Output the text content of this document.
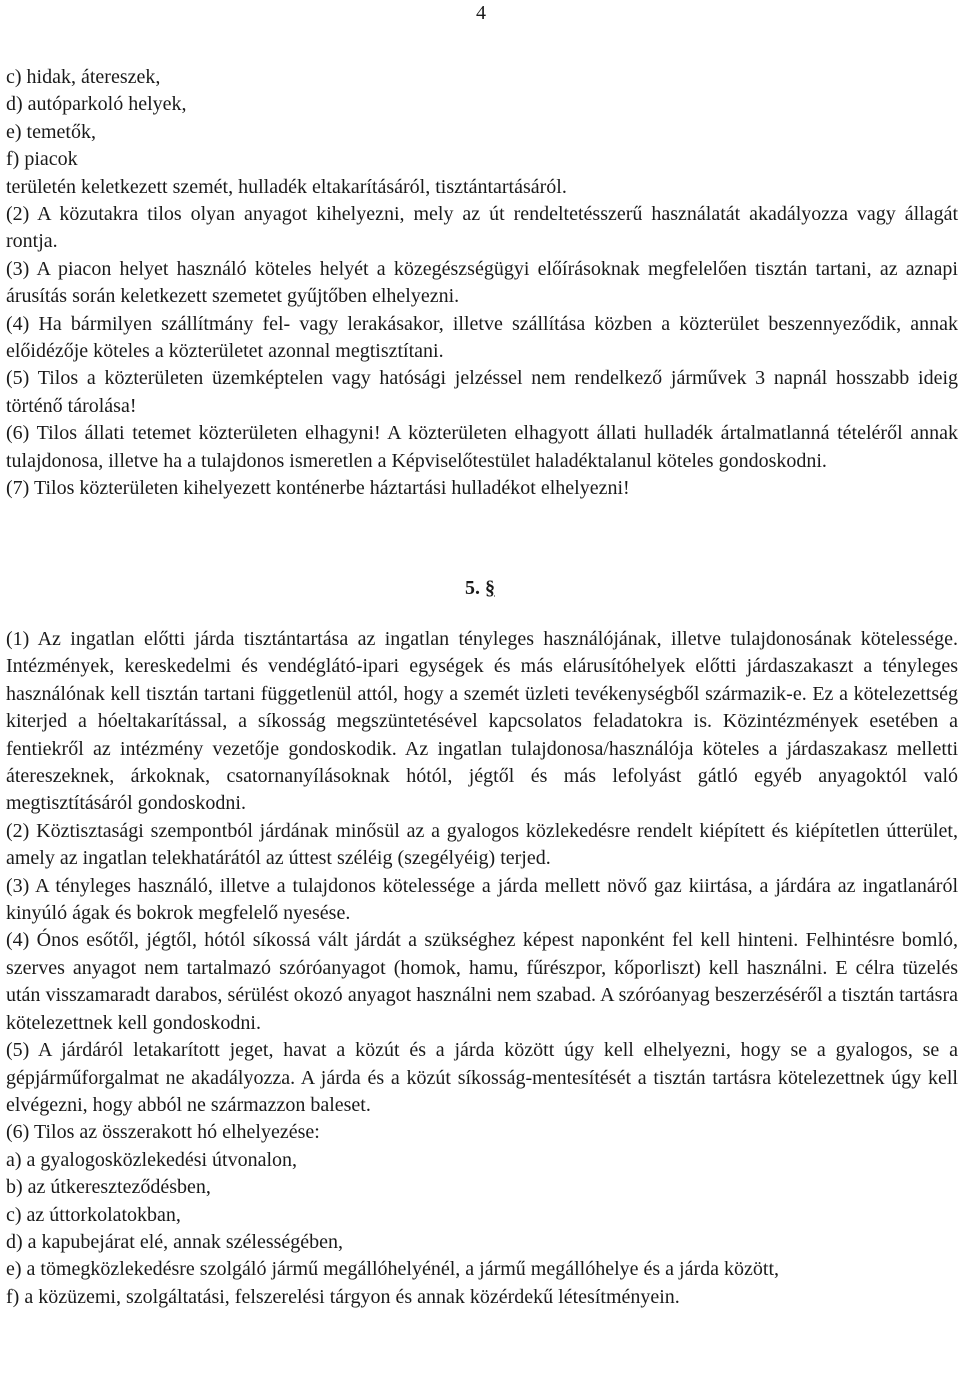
4

c) hidak, átereszek,

d) autóparkoló helyek,

e) temetők,

f) piacok

területén keletkezett szemét, hulladék eltakarításáról, tisztántartásáról.

(2) A közutakra tilos olyan anyagot kihelyezni, mely az út rendeltetésszerű használatát akadályozza vagy állagát rontja.

(3) A piacon helyet használó köteles helyét a közegészségügyi előírásoknak megfelelően tisztán tartani, az aznapi árusítás során keletkezett szemetet gyűjtőben elhelyezni.

(4) Ha bármilyen szállítmány fel- vagy lerakásakor, illetve szállítása közben a közterület beszennyeződik, annak előidézője köteles a közterületet azonnal megtisztítani.

(5) Tilos a közterületen üzemképtelen vagy hatósági jelzéssel nem rendelkező járművek 3 napnál hosszabb ideig történő tárolása!

(6) Tilos állati tetemet közterületen elhagyni! A közterületen elhagyott állati hulladék ártalmatlanná tételéről annak tulajdonosa, illetve ha a tulajdonos ismeretlen a Képviselőtestület haladéktalanul köteles gondoskodni.

(7) Tilos közterületen kihelyezett konténerbe háztartási hulladékot elhelyezni!

5. §

(1) Az ingatlan előtti járda tisztántartása az ingatlan tényleges használójának, illetve tulajdonosának kötelessége. Intézmények, kereskedelmi és vendéglátó-ipari egységek és más elárusítóhelyek előtti járdaszakaszt a tényleges használónak kell tisztán tartani függetlenül attól, hogy a szemét üzleti tevékenységből származik-e. Ez a kötelezettség kiterjed a hóeltakarítással, a síkosság megszüntetésével kapcsolatos feladatokra is. Közintézmények esetében a fentiekről az intézmény vezetője gondoskodik. Az ingatlan tulajdonosa/használója köteles a járdaszakasz melletti átereszeknek, árkoknak, csatornanyílásoknak hótól, jégtől és más lefolyást gátló egyéb anyagoktól való megtisztításáról gondoskodni.

(2) Köztisztasági szempontból járdának minősül az a gyalogos közlekedésre rendelt kiépített és kiépítetlen útterület, amely az ingatlan telekhatárától az úttest széléig (szegélyéig) terjed.

(3) A tényleges használó, illetve a tulajdonos kötelessége a járda mellett növő gaz kiirtása, a járdára az ingatlanáról kinyúló ágak és bokrok megfelelő nyesése.

(4) Ónos esőtől, jégtől, hótól síkossá vált járdát a szükséghez képest naponként fel kell hinteni. Felhintésre bomló, szerves anyagot nem tartalmazó szóróanyagot (homok, hamu, fűrészpor, kőporliszt) kell használni. E célra tüzelés után visszamaradt darabos, sérülést okozó anyagot használni nem szabad. A szóróanyag beszerzéséről a tisztán tartásra kötelezettnek kell gondoskodni.

(5) A járdáról letakarított jeget, havat a közút és a járda között úgy kell elhelyezni, hogy se a gyalogos, se a gépjárműforgalmat ne akadályozza. A járda és a közút síkosság-mentesítését a tisztán tartásra kötelezettnek úgy kell elvégezni, hogy abból ne származzon baleset.

(6) Tilos az összerakott hó elhelyezése:

a) a gyalogosközlekedési útvonalon,

b) az útkereszteződésben,

c) az úttorkolatokban,

d) a kapubejárat elé, annak szélességében,

e) a tömegközlekedésre szolgáló jármű megállóhelyénél, a jármű megállóhelye és a járda között,

f) a közüzemi, szolgáltatási, felszerelési tárgyon és annak közérdekű létesítményein.
